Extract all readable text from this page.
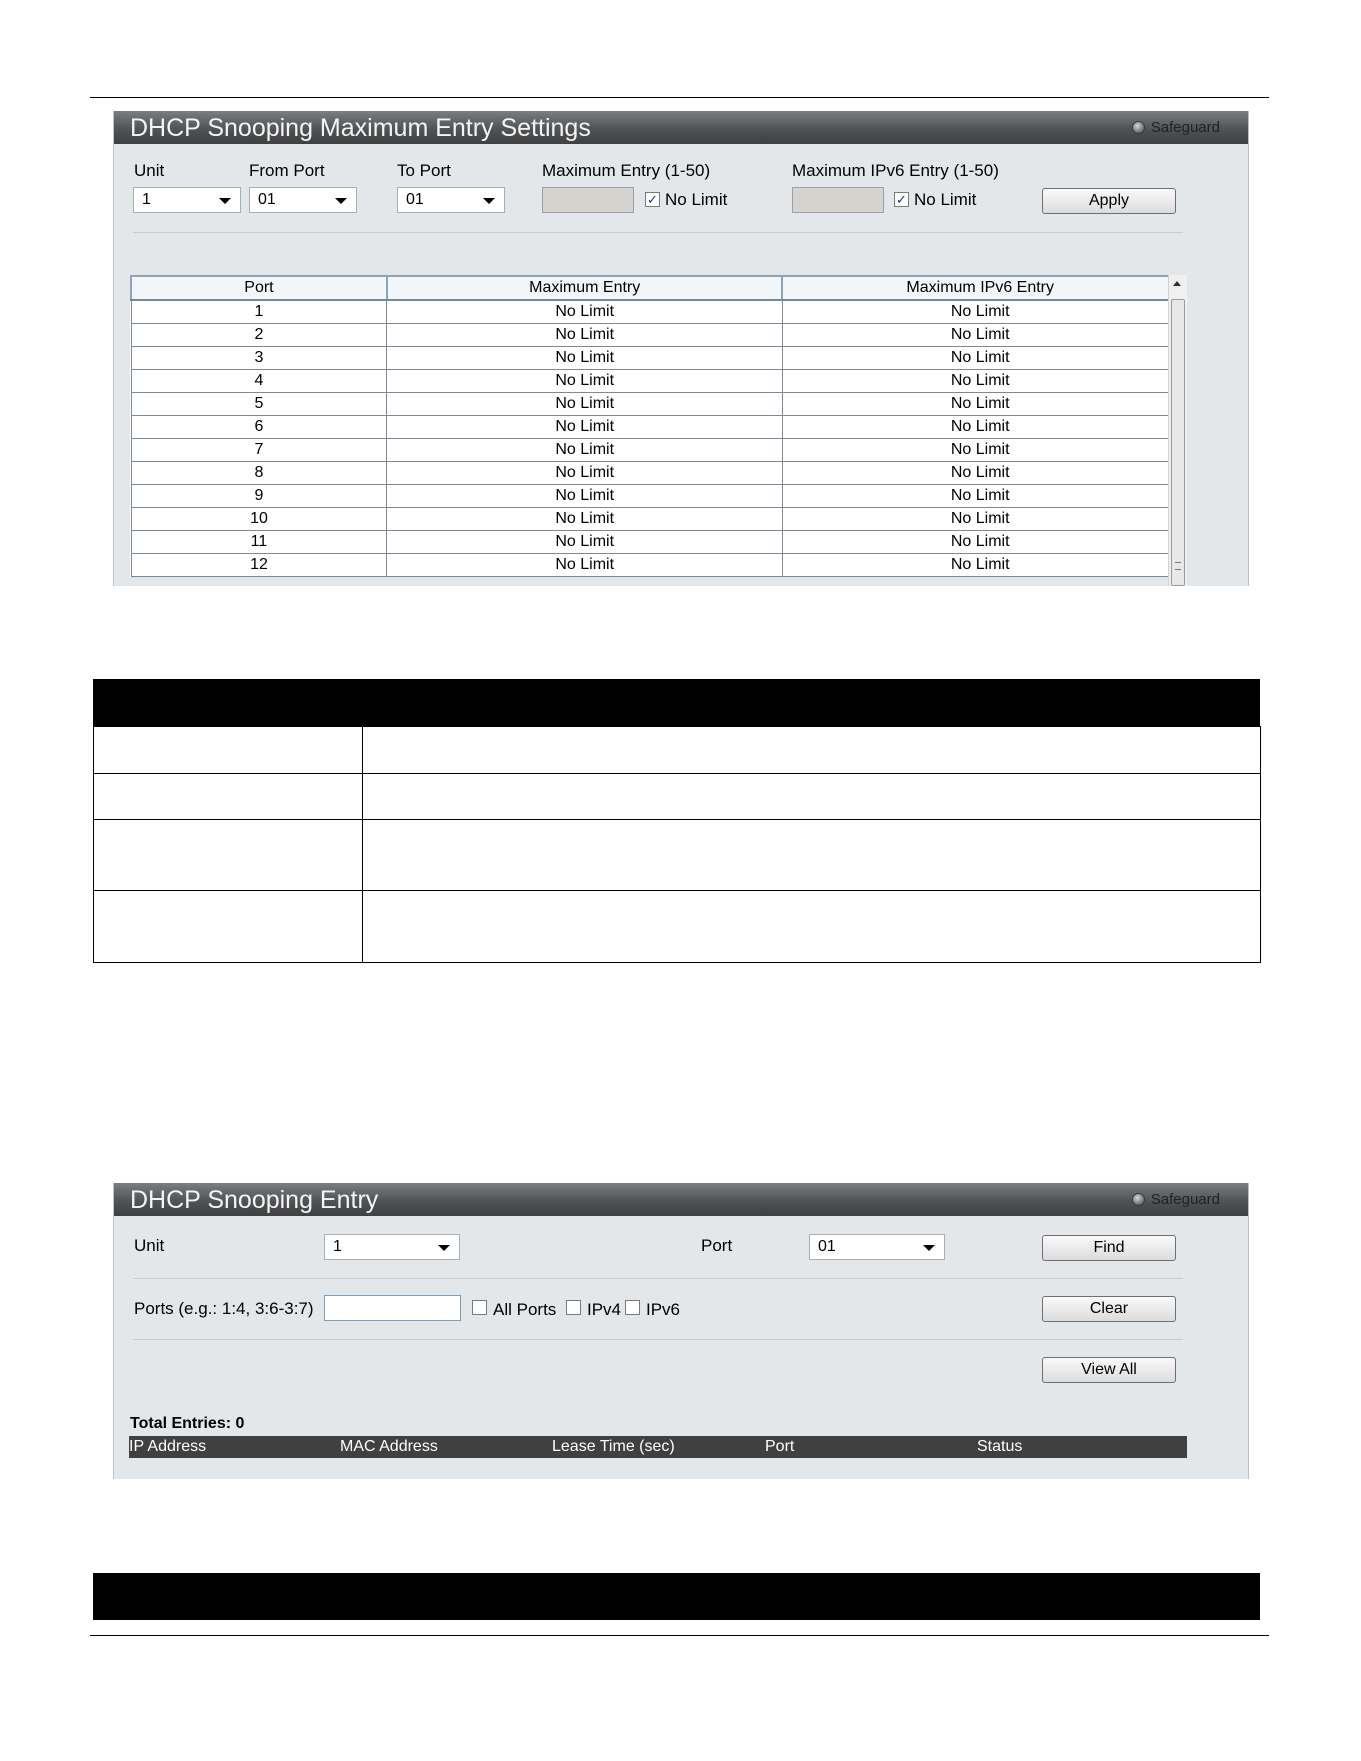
DHCP Snooping Maximum Entry Settings	Safeguard
Unit	From Port	To Port	Maximum Entry (1-50)	Maximum IPv6 Entry (1-50)
1	01	01	✓ No Limit	✓ No Limit	Apply
Port	Maximum Entry	Maximum IPv6 Entry
1	No Limit	No Limit
2	No Limit	No Limit
3	No Limit	No Limit
4	No Limit	No Limit
5	No Limit	No Limit
6	No Limit	No Limit
7	No Limit	No Limit
8	No Limit	No Limit
9	No Limit	No Limit
10	No Limit	No Limit
11	No Limit	No Limit
12	No Limit	No Limit

DHCP Snooping Entry	Safeguard
Unit	1	Port	01	Find
Ports (e.g.: 1:4, 3:6-3:7)	All Ports IPv4 IPv6	Clear
View All
Total Entries: 0
IP Address	MAC Address	Lease Time (sec)	Port	Status
